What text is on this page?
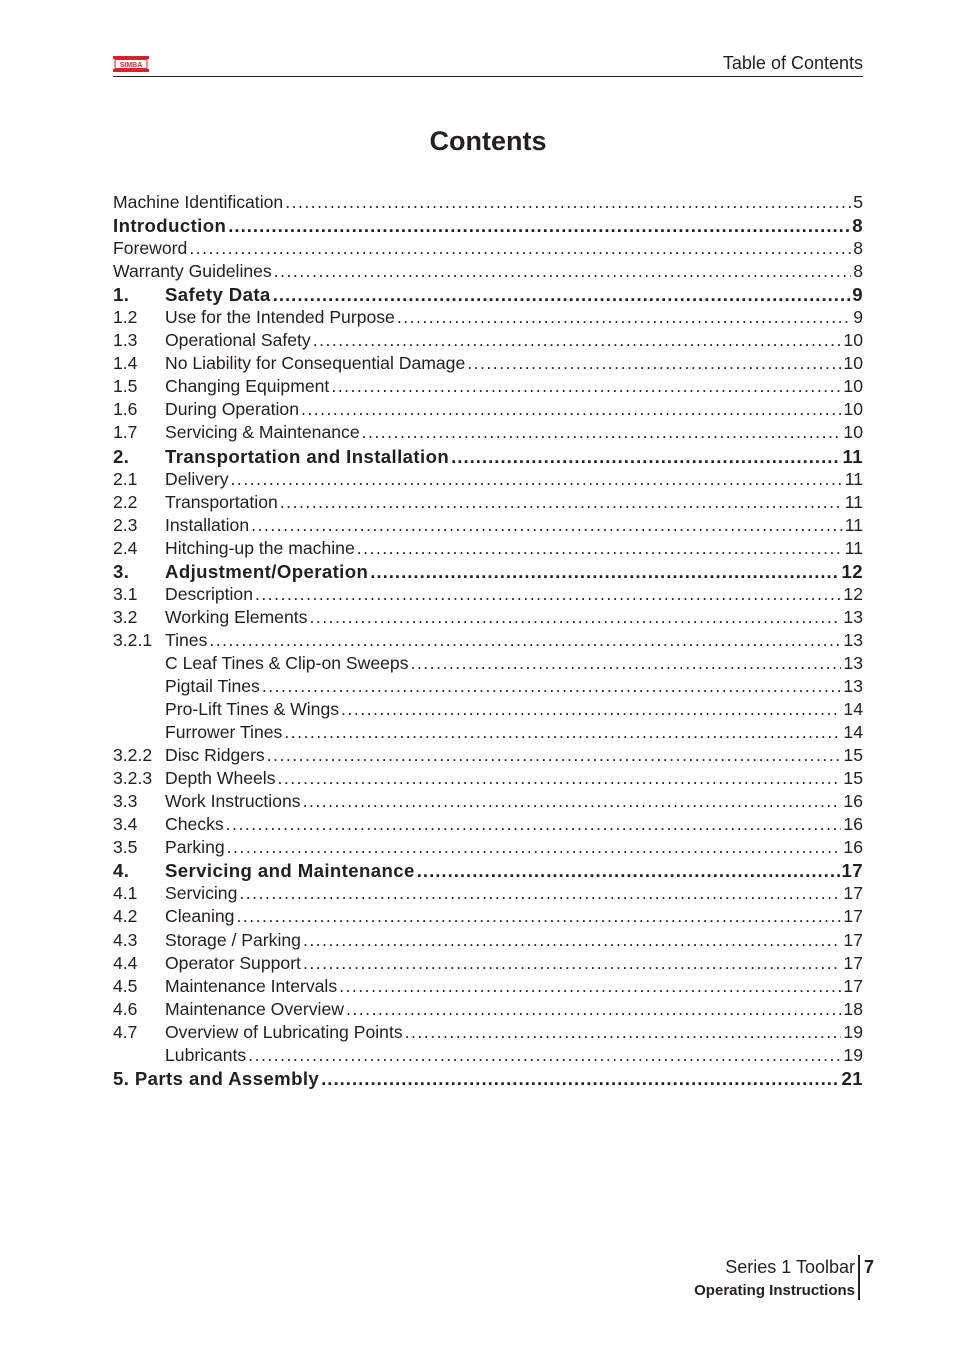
SIMBA	Table of Contents
Contents
Machine Identification .....	5
Introduction .....	8
Foreword .....	8
Warranty Guidelines .....	8
1.	Safety Data .....	9
1.2	Use for the Intended Purpose .....	9
1.3	Operational Safety .....	10
1.4	No Liability for Consequential Damage .....	10
1.5	Changing Equipment .....	10
1.6	During Operation .....	10
1.7	Servicing & Maintenance .....	10
2.	Transportation and Installation .....	11
2.1	Delivery .....	11
2.2	Transportation .....	11
2.3	Installation .....	11
2.4	Hitching-up the machine .....	11
3.	Adjustment/Operation .....	12
3.1	Description .....	12
3.2	Working Elements .....	13
3.2.1 Tines .....	13
C Leaf Tines & Clip-on Sweeps .....	13
Pigtail Tines .....	13
Pro-Lift Tines & Wings .....	14
Furrower Tines .....	14
3.2.2 Disc Ridgers .....	15
3.2.3 Depth Wheels .....	15
3.3	Work Instructions .....	16
3.4	Checks .....	16
3.5	Parking .....	16
4.	Servicing and Maintenance .....	17
4.1	Servicing .....	17
4.2	Cleaning .....	17
4.3	Storage / Parking .....	17
4.4	Operator Support .....	17
4.5	Maintenance Intervals .....	17
4.6	Maintenance Overview .....	18
4.7	Overview of Lubricating Points .....	19
Lubricants .....	19
5. Parts and Assembly .....	21
Series 1 Toolbar
Operating Instructions
7
